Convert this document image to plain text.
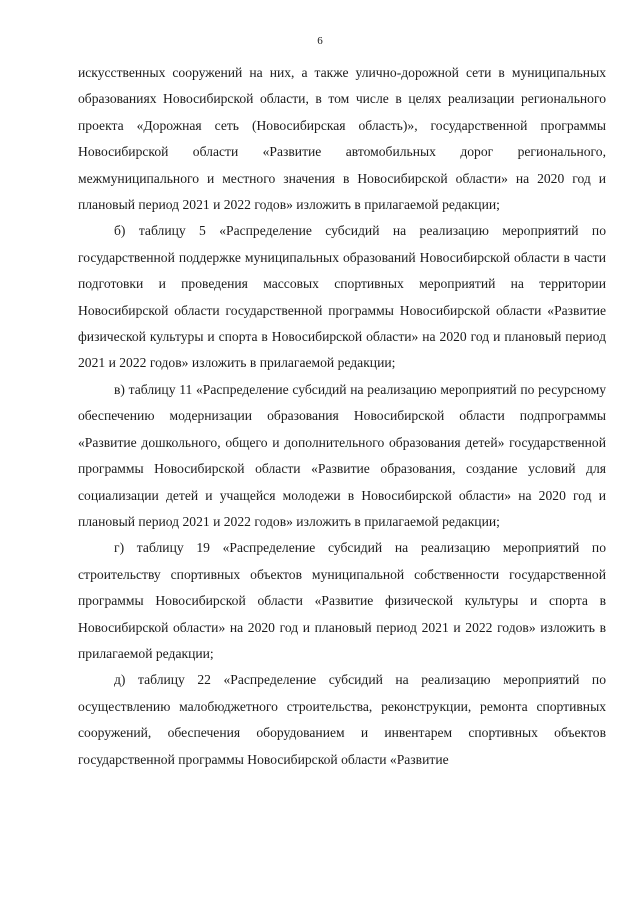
6

искусственных сооружений на них, а также улично-дорожной сети в муниципальных образованиях Новосибирской области, в том числе в целях реализации регионального проекта «Дорожная сеть (Новосибирская область)», государственной программы Новосибирской области «Развитие автомобильных дорог регионального, межмуниципального и местного значения в Новосибирской области» на 2020 год и плановый период 2021 и 2022 годов» изложить в прилагаемой редакции;

б) таблицу 5 «Распределение субсидий на реализацию мероприятий по государственной поддержке муниципальных образований Новосибирской области в части подготовки и проведения массовых спортивных мероприятий на территории Новосибирской области государственной программы Новосибирской области «Развитие физической культуры и спорта в Новосибирской области» на 2020 год и плановый период 2021 и 2022 годов» изложить в прилагаемой редакции;

в) таблицу 11 «Распределение субсидий на реализацию мероприятий по ресурсному обеспечению модернизации образования Новосибирской области подпрограммы «Развитие дошкольного, общего и дополнительного образования детей» государственной программы Новосибирской области «Развитие образования, создание условий для социализации детей и учащейся молодежи в Новосибирской области» на 2020 год и плановый период 2021 и 2022 годов» изложить в прилагаемой редакции;

г) таблицу 19 «Распределение субсидий на реализацию мероприятий по строительству спортивных объектов муниципальной собственности государственной программы Новосибирской области «Развитие физической культуры и спорта в Новосибирской области» на 2020 год и плановый период 2021 и 2022 годов» изложить в прилагаемой редакции;

д) таблицу 22 «Распределение субсидий на реализацию мероприятий по осуществлению малобюджетного строительства, реконструкции, ремонта спортивных сооружений, обеспечения оборудованием и инвентарем спортивных объектов государственной программы Новосибирской области «Развитие
